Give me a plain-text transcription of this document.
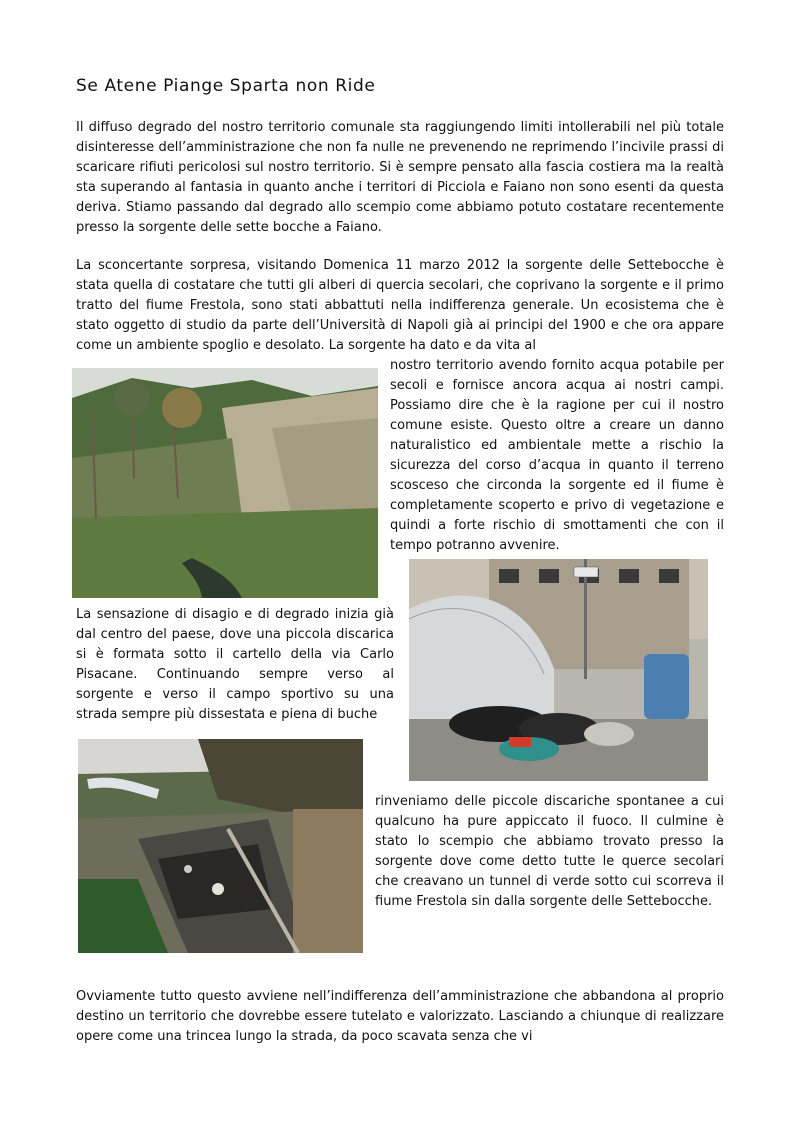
Se Atene Piange Sparta non Ride

Il diffuso degrado del nostro territorio comunale sta raggiungendo limiti intollerabili nel più totale disinteresse dell’amministrazione che non fa nulle ne prevenendo ne reprimendo l’incivile prassi di scaricare rifiuti pericolosi sul nostro territorio. Si è sempre pensato alla fascia costiera ma la realtà sta superando al fantasia in quanto anche i territori di Picciola e Faiano non sono esenti da questa deriva. Stiamo passando dal degrado allo scempio come abbiamo potuto costatare recentemente presso la sorgente delle sette bocche a Faiano.

La sconcertante sorpresa, visitando Domenica 11 marzo 2012 la sorgente delle Settebocche è stata quella di costatare che tutti gli alberi di quercia secolari, che coprivano la sorgente e il primo tratto del fiume Frestola, sono stati abbattuti nella indifferenza generale. Un ecosistema che è stato oggetto di studio da parte dell’Università di Napoli già ai principi del 1900 e che ora appare come un ambiente spoglio e desolato. La sorgente ha dato e da vita al

nostro territorio avendo fornito acqua potabile per secoli e fornisce ancora acqua ai nostri campi. Possiamo dire che è la ragione per cui il nostro comune esiste. Questo oltre a creare un danno naturalistico ed ambientale mette a rischio la sicurezza del corso d’acqua in quanto il terreno scosceso che circonda la sorgente ed il fiume è completamente scoperto e privo di vegetazione e quindi a forte rischio di smottamenti che con il tempo potranno avvenire.

La sensazione di disagio e di degrado inizia già dal centro del paese, dove una piccola discarica si è formata sotto il cartello della via Carlo Pisacane. Continuando sempre verso al sorgente e verso il campo sportivo su una strada sempre più dissestata e piena di buche

rinveniamo delle piccole discariche spontanee a cui qualcuno ha pure appiccato il fuoco. Il culmine è stato lo scempio che abbiamo trovato presso la sorgente dove come detto tutte le querce secolari che creavano un tunnel di verde sotto cui scorreva il fiume Frestola sin dalla sorgente delle Settebocche.

Ovviamente tutto questo avviene nell’indifferenza dell’amministrazione che abbandona al proprio destino un territorio che dovrebbe essere tutelato e valorizzato. Lasciando a chiunque di realizzare opere come una trincea lungo la strada, da poco scavata senza che vi
